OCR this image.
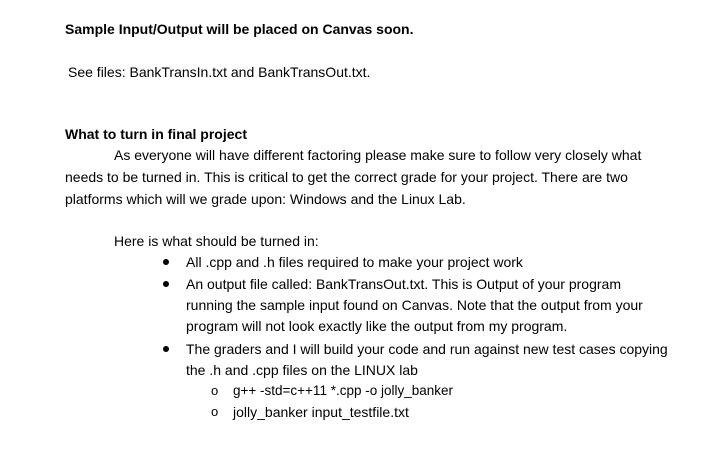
Sample Input/Output will be placed on Canvas soon.
See files: BankTransIn.txt and BankTransOut.txt.
What to turn in final project
As everyone will have different factoring please make sure to follow very closely what
needs to be turned in. This is critical to get the correct grade for your project. There are two
platforms which will we grade upon: Windows and the Linux Lab.
Here is what should be turned in:
All .cpp and .h files required to make your project work
An output file called: BankTransOut.txt. This is Output of your program
running the sample input found on Canvas. Note that the output from your
program will not look exactly like the output from my program.
The graders and I will build your code and run against new test cases copying
the .h and .cpp files on the LINUX lab
o g++ -std=c++11 *.cpp -o jolly_banker
o jolly_banker input_testfile.txt
